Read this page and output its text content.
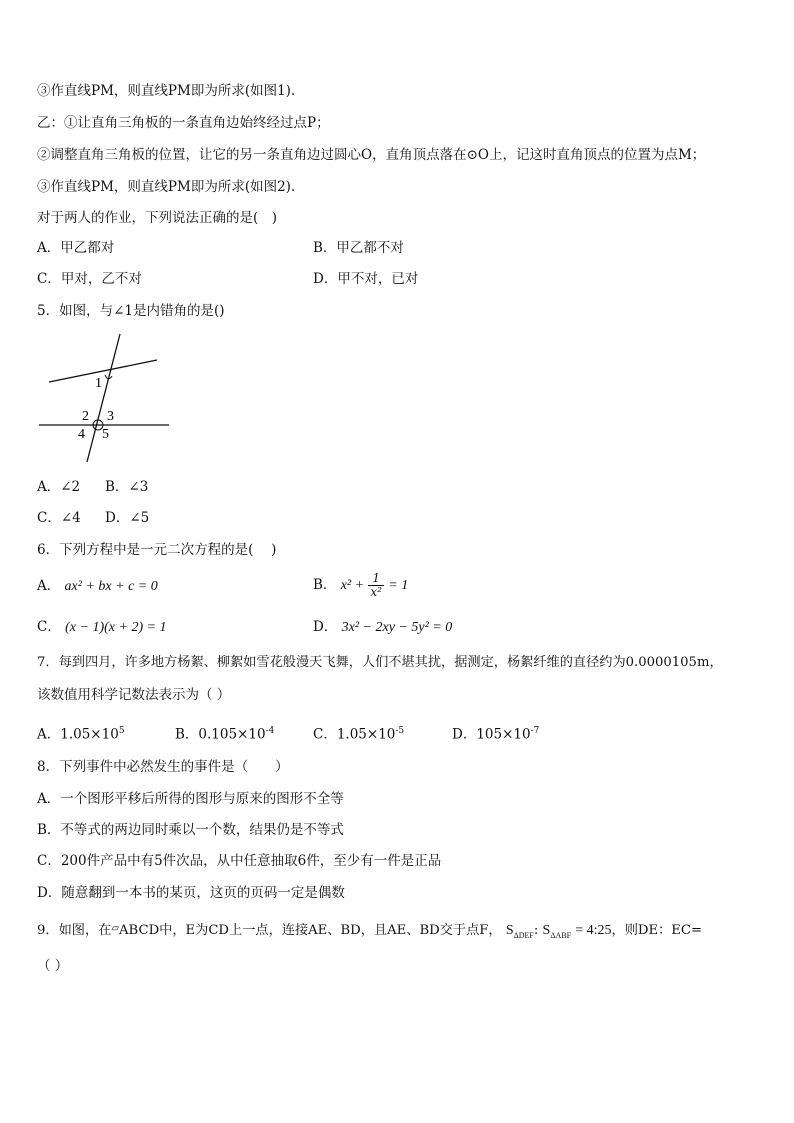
③作直线PM，则直线PM即为所求(如图1).
乙：①让直角三角板的一条直角边始终经过点P；
②调整直角三角板的位置，让它的另一条直角边过圆心O，直角顶点落在⊙O上，记这时直角顶点的位置为点M；
③作直线PM，则直线PM即为所求(如图2).
对于两人的作业，下列说法正确的是(　)
A．甲乙都对	B．甲乙都不对
C．甲对，乙不对	D．甲不对，已对
5．如图，与∠1是内错角的是()
1
2 3
4 5
A．∠2 B．∠3
C．∠4 D．∠5
6．下列方程中是一元二次方程的是(　 )
A． ax² + bx + c = 0	B． $x^2 + \frac{1}{\text{x²}} = 1$
C． (x − 1)(x + 2) = 1	D． 3x² − 2xy − 5y² = 0
7．每到四月，许多地方杨絮、柳絮如雪花般漫天飞舞，人们不堪其扰，据测定，杨絮纤维的直径约为0.0000105m，
该数值用科学记数法表示为（ ）
A．$1.05\times 10^5$	B．$0.105\times 10^{-4}$	C．$1.05\times 10^{-5}$	D．$105\times 10^{-7}$
8．下列事件中必然发生的事件是（　　）
A．一个图形平移后所得的图形与原来的图形不全等
B．不等式的两边同时乘以一个数，结果仍是不等式
C．200件产品中有5件次品，从中任意抽取6件，至少有一件是正品
D．随意翻到一本书的某页，这页的页码一定是偶数
9．如图，在▱ABCD中，E为CD上一点，连接AE、BD，且AE、BD交于点F， $S_{\Delta DEF}$: $S_{\Delta ABF}$ = 4:25，则DE：EC=
（ ）
